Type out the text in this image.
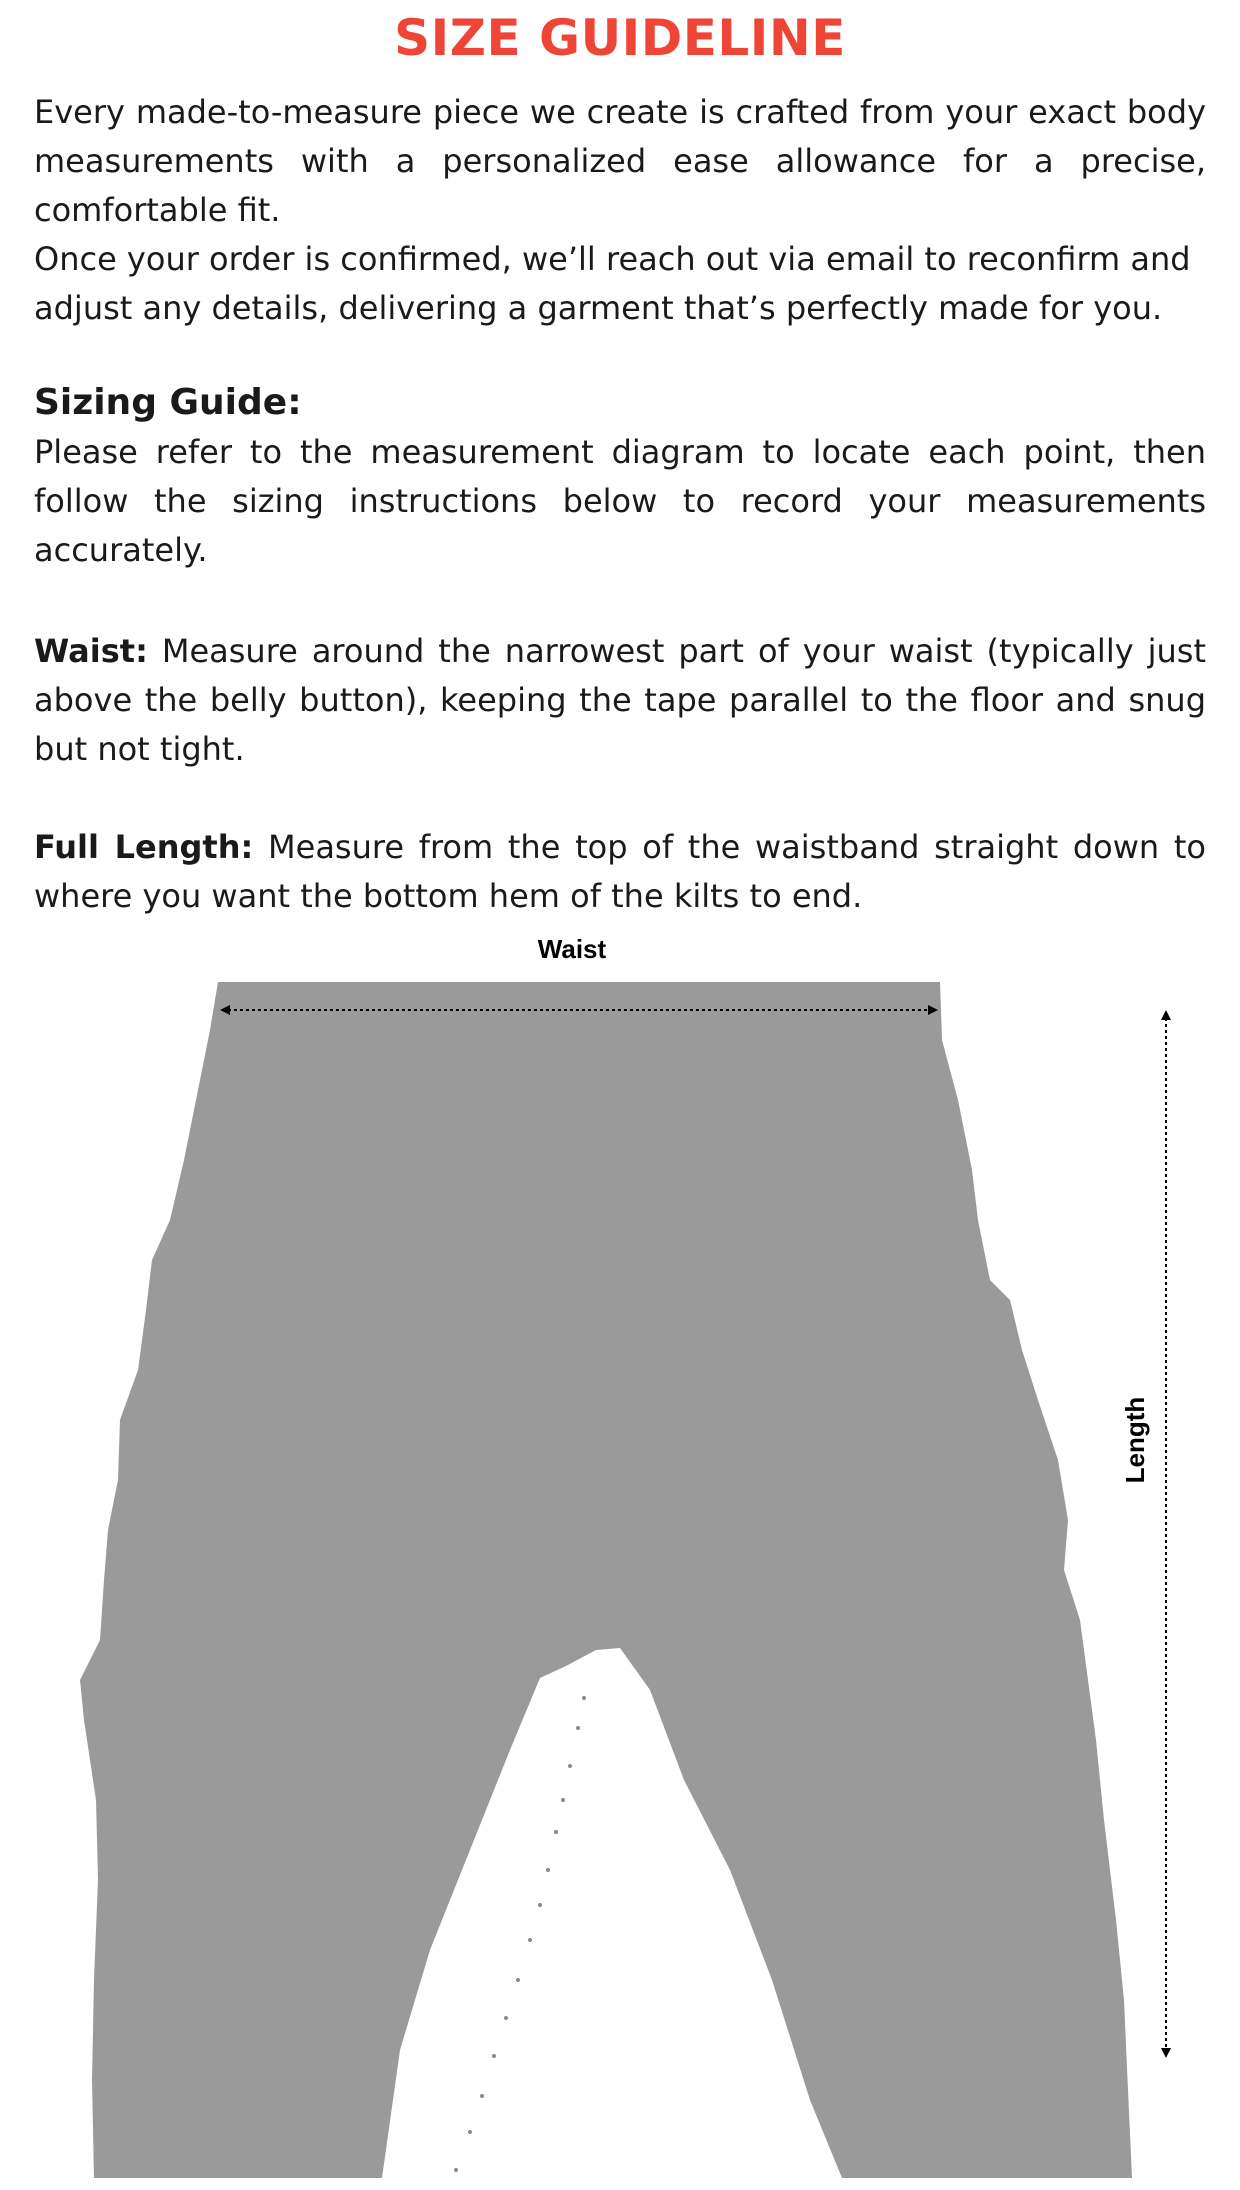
SIZE GUIDELINE

Every made-to-measure piece we create is crafted from your exact body measurements with a personalized ease allowance for a precise, comfortable fit.

Once your order is confirmed, we’ll reach out via email to reconfirm and adjust any details, delivering a garment that’s perfectly made for you.

Sizing Guide:

Please refer to the measurement diagram to locate each point, then follow the sizing instructions below to record your measurements accurately.

Waist: Measure around the narrowest part of your waist (typically just above the belly button), keeping the tape parallel to the floor and snug but not tight.

Full Length: Measure from the top of the waistband straight down to where you want the bottom hem of the kilts to end.

Waist
Length
